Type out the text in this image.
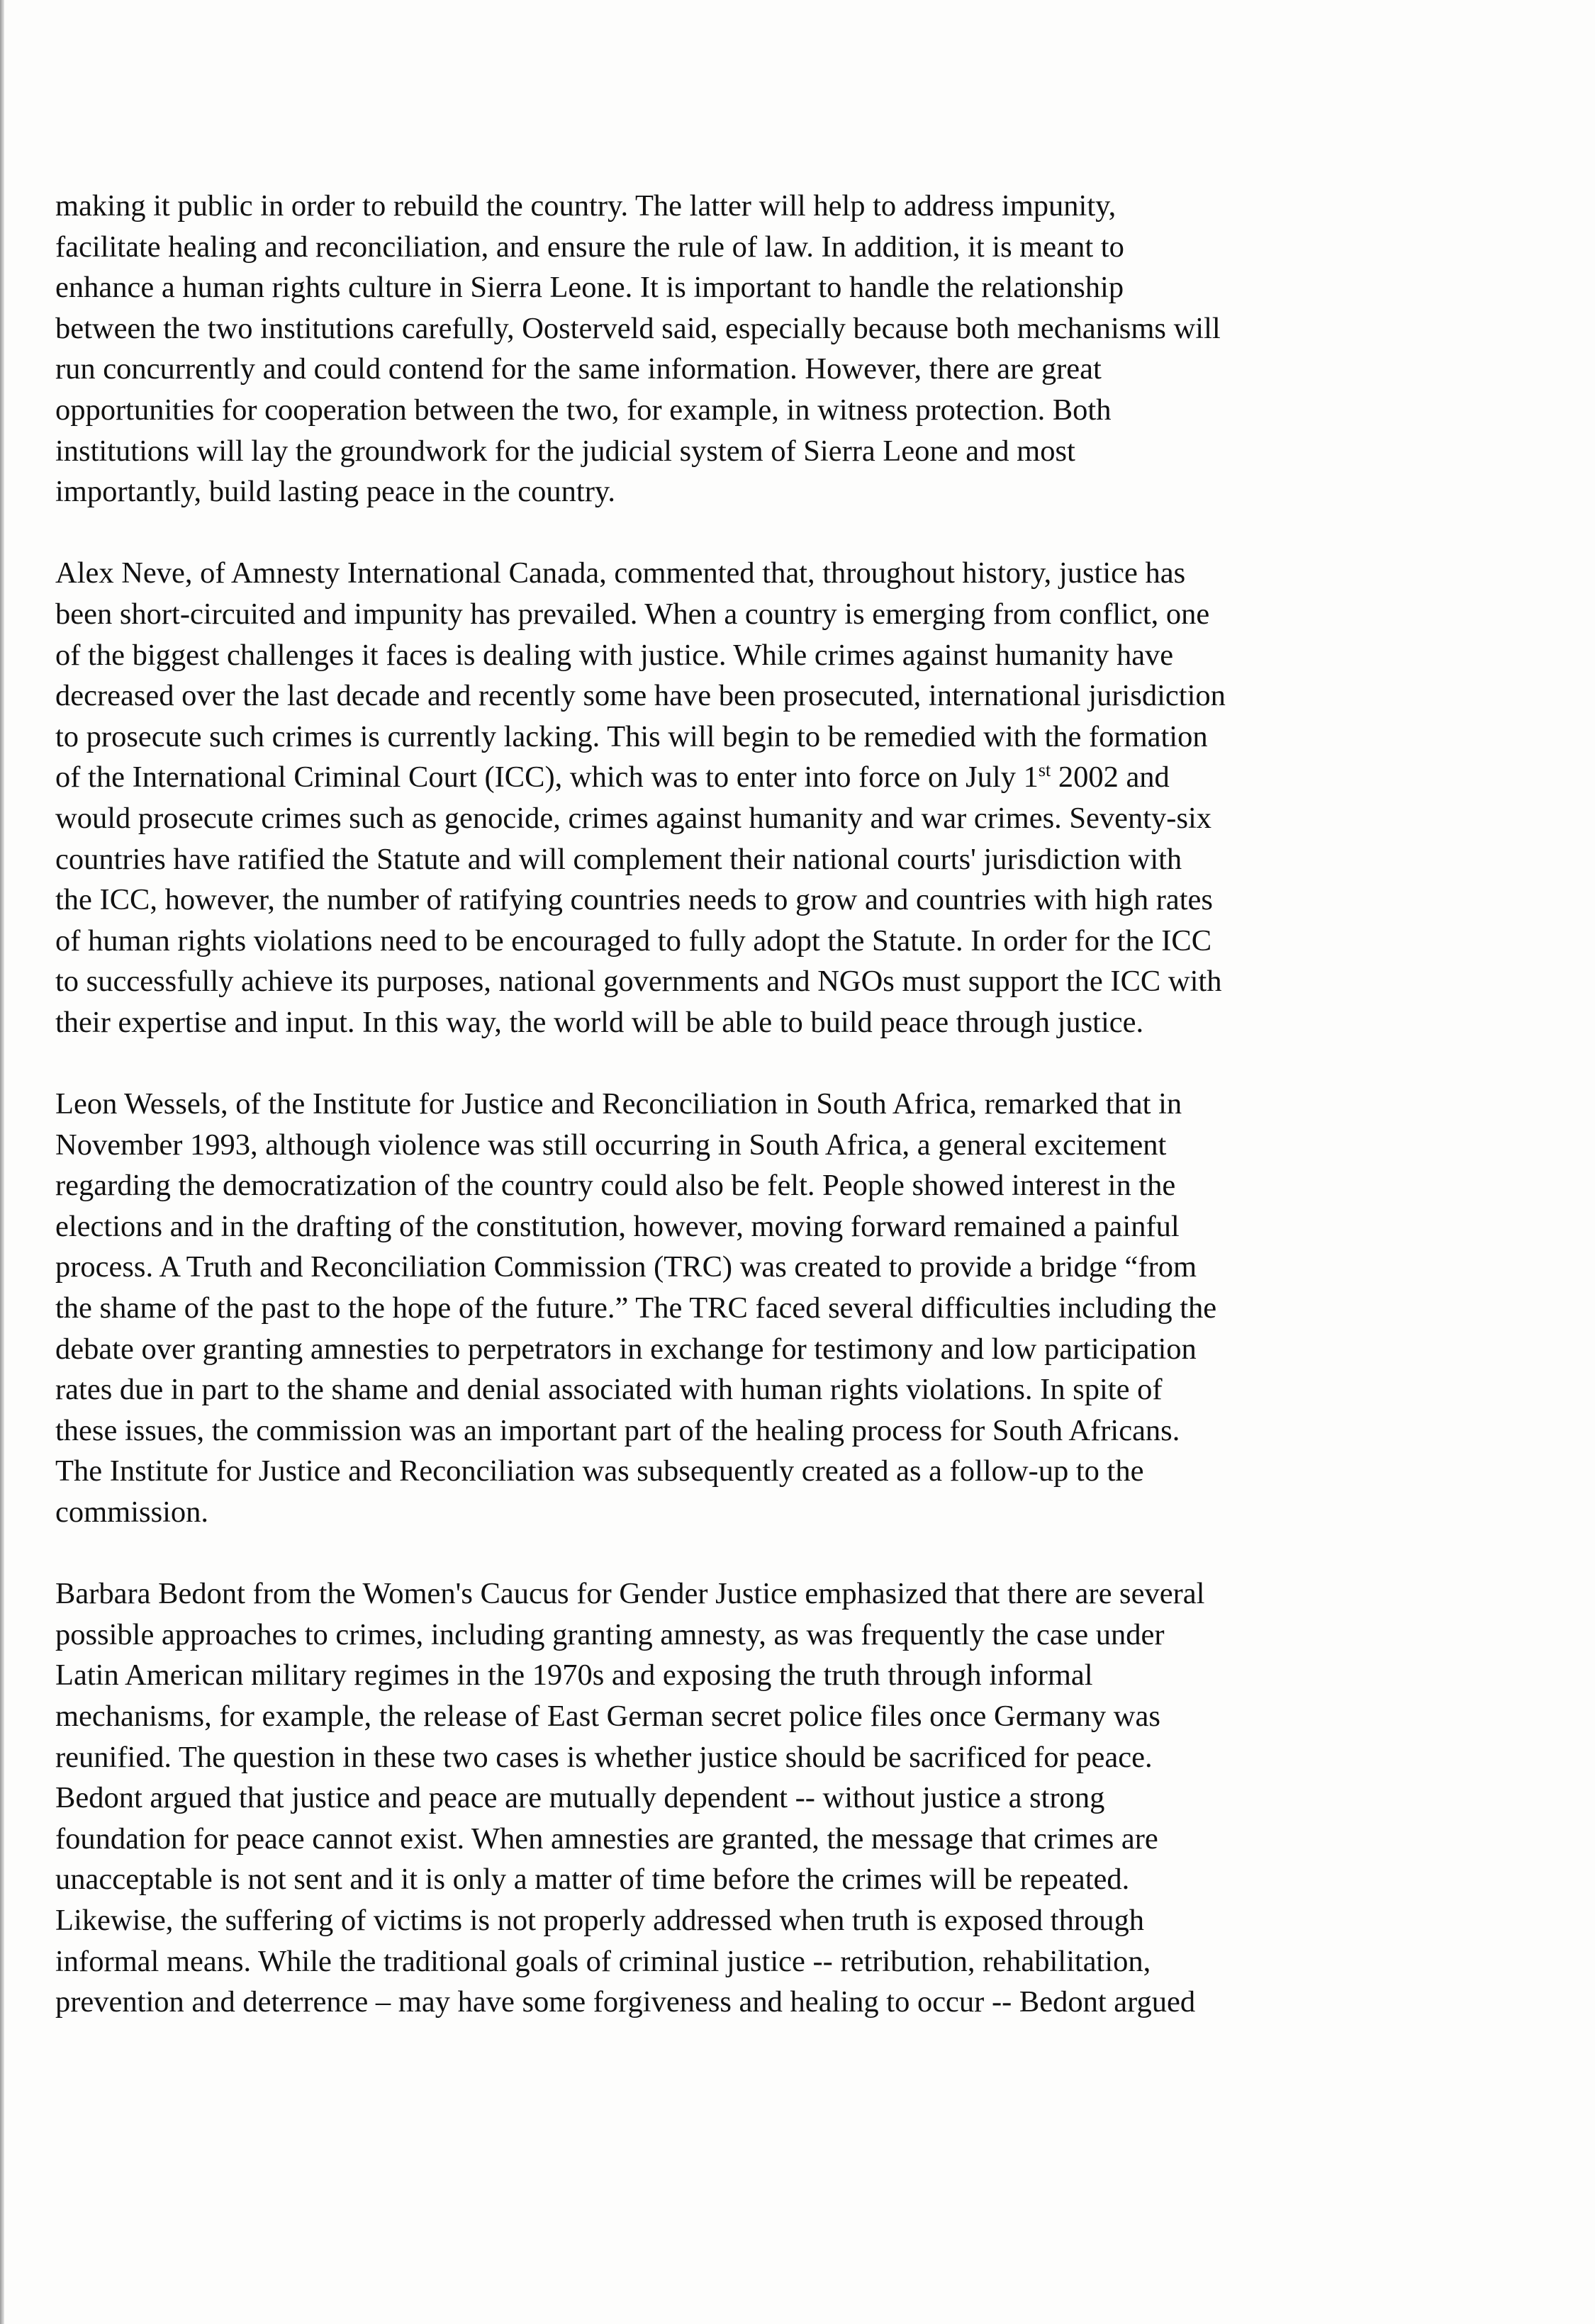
making it public in order to rebuild the country. The latter will help to address impunity,
facilitate healing and reconciliation, and ensure the rule of law. In addition, it is meant to
enhance a human rights culture in Sierra Leone. It is important to handle the relationship
between the two institutions carefully, Oosterveld said, especially because both mechanisms will
run concurrently and could contend for the same information. However, there are great
opportunities for cooperation between the two, for example, in witness protection. Both
institutions will lay the groundwork for the judicial system of Sierra Leone and most
importantly, build lasting peace in the country.

Alex Neve, of Amnesty International Canada, commented that, throughout history, justice has
been short-circuited and impunity has prevailed. When a country is emerging from conflict, one
of the biggest challenges it faces is dealing with justice. While crimes against humanity have
decreased over the last decade and recently some have been prosecuted, international jurisdiction
to prosecute such crimes is currently lacking. This will begin to be remedied with the formation
of the International Criminal Court (ICC), which was to enter into force on July 1st 2002 and
would prosecute crimes such as genocide, crimes against humanity and war crimes. Seventy-six
countries have ratified the Statute and will complement their national courts' jurisdiction with
the ICC, however, the number of ratifying countries needs to grow and countries with high rates
of human rights violations need to be encouraged to fully adopt the Statute. In order for the ICC
to successfully achieve its purposes, national governments and NGOs must support the ICC with
their expertise and input. In this way, the world will be able to build peace through justice.

Leon Wessels, of the Institute for Justice and Reconciliation in South Africa, remarked that in
November 1993, although violence was still occurring in South Africa, a general excitement
regarding the democratization of the country could also be felt. People showed interest in the
elections and in the drafting of the constitution, however, moving forward remained a painful
process. A Truth and Reconciliation Commission (TRC) was created to provide a bridge “from
the shame of the past to the hope of the future.” The TRC faced several difficulties including the
debate over granting amnesties to perpetrators in exchange for testimony and low participation
rates due in part to the shame and denial associated with human rights violations. In spite of
these issues, the commission was an important part of the healing process for South Africans.
The Institute for Justice and Reconciliation was subsequently created as a follow-up to the
commission.

Barbara Bedont from the Women's Caucus for Gender Justice emphasized that there are several
possible approaches to crimes, including granting amnesty, as was frequently the case under
Latin American military regimes in the 1970s and exposing the truth through informal
mechanisms, for example, the release of East German secret police files once Germany was
reunified. The question in these two cases is whether justice should be sacrificed for peace.
Bedont argued that justice and peace are mutually dependent -- without justice a strong
foundation for peace cannot exist. When amnesties are granted, the message that crimes are
unacceptable is not sent and it is only a matter of time before the crimes will be repeated.
Likewise, the suffering of victims is not properly addressed when truth is exposed through
informal means. While the traditional goals of criminal justice -- retribution, rehabilitation,
prevention and deterrence – may have some forgiveness and healing to occur -- Bedont argued
